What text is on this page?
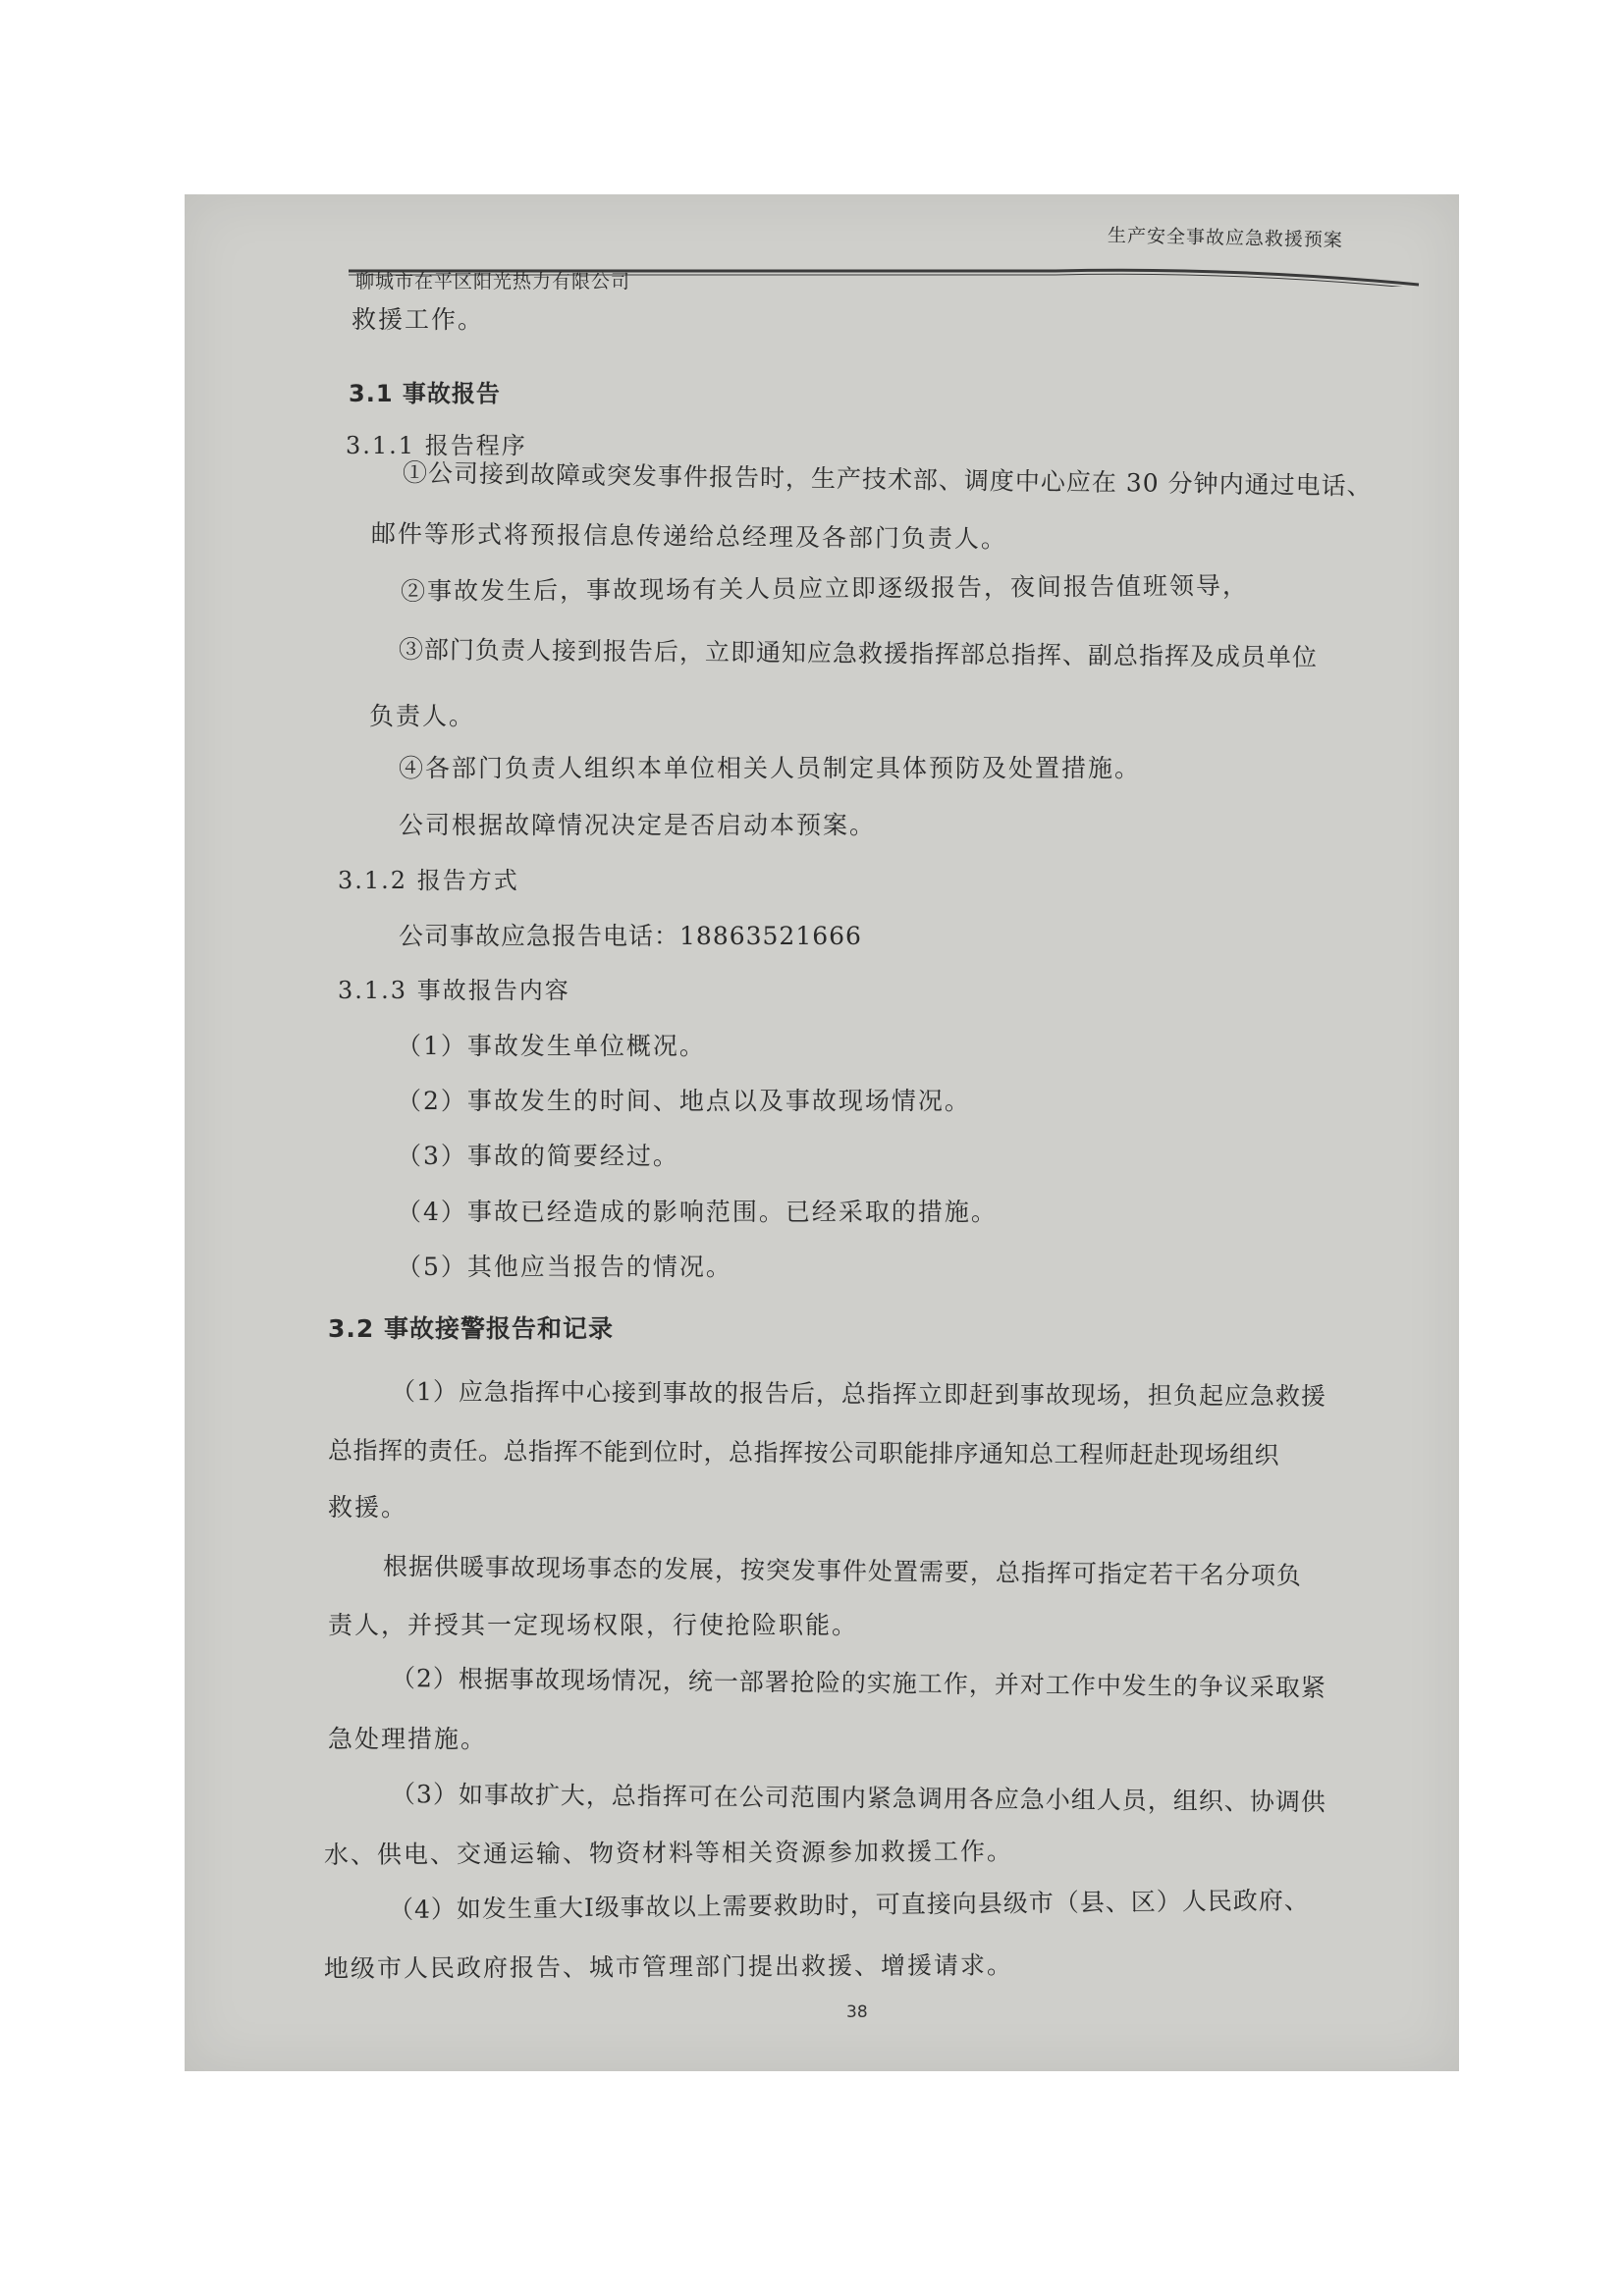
生产安全事故应急救援预案
聊城市在平区阳光热力有限公司
救援工作。
3.1 事故报告
3.1.1 报告程序
①公司接到故障或突发事件报告时，生产技术部、调度中心应在 30 分钟内通过电话、
邮件等形式将预报信息传递给总经理及各部门负责人。
②事故发生后，事故现场有关人员应立即逐级报告，夜间报告值班领导，
③部门负责人接到报告后，立即通知应急救援指挥部总指挥、副总指挥及成员单位
负责人。
④各部门负责人组织本单位相关人员制定具体预防及处置措施。
公司根据故障情况决定是否启动本预案。
3.1.2 报告方式
公司事故应急报告电话：18863521666
3.1.3 事故报告内容
（1）事故发生单位概况。
（2）事故发生的时间、地点以及事故现场情况。
（3）事故的简要经过。
（4）事故已经造成的影响范围。已经采取的措施。
（5）其他应当报告的情况。
3.2 事故接警报告和记录
（1）应急指挥中心接到事故的报告后，总指挥立即赶到事故现场，担负起应急救援
总指挥的责任。总指挥不能到位时，总指挥按公司职能排序通知总工程师赶赴现场组织
救援。
根据供暖事故现场事态的发展，按突发事件处置需要，总指挥可指定若干名分项负
责人，并授其一定现场权限，行使抢险职能。
（2）根据事故现场情况，统一部署抢险的实施工作，并对工作中发生的争议采取紧
急处理措施。
（3）如事故扩大，总指挥可在公司范围内紧急调用各应急小组人员，组织、协调供
水、供电、交通运输、物资材料等相关资源参加救援工作。
（4）如发生重大Ⅰ级事故以上需要救助时，可直接向县级市（县、区）人民政府、
地级市人民政府报告、城市管理部门提出救援、增援请求。
38
